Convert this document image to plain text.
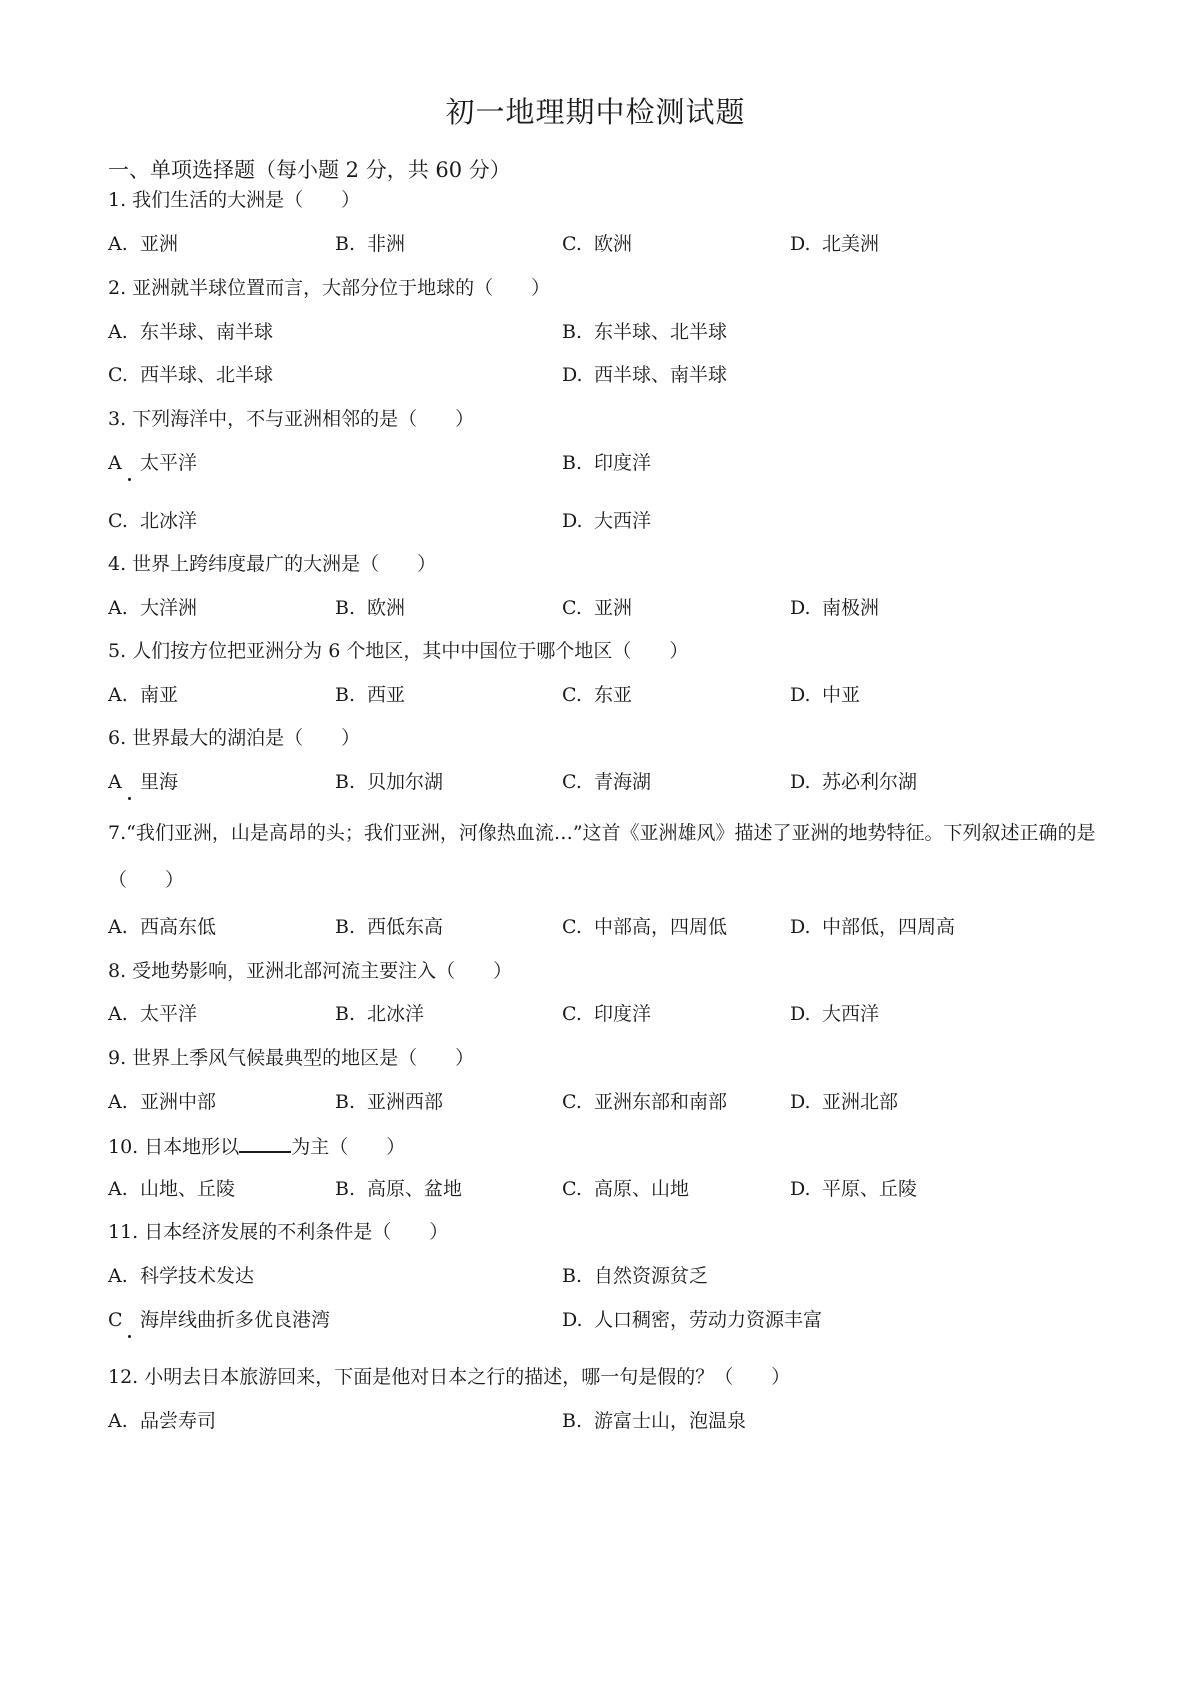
初一地理期中检测试题
一、单项选择题（每小题 2 分，共 60 分）
1. 我们生活的大洲是（　　）
A. 亚洲	B. 非洲	C. 欧洲	D. 北美洲
2. 亚洲就半球位置而言，大部分位于地球的（　　）
A. 东半球、南半球	B. 东半球、北半球
C. 西半球、北半球	D. 西半球、南半球
3. 下列海洋中，不与亚洲相邻的是（　　）
A 太平洋	B. 印度洋
C. 北冰洋	D. 大西洋
4. 世界上跨纬度最广的大洲是（　　）
A. 大洋洲	B. 欧洲	C. 亚洲	D. 南极洲
5. 人们按方位把亚洲分为 6 个地区，其中中国位于哪个地区（　　）
A. 南亚	B. 西亚	C. 东亚	D. 中亚
6. 世界最大的湖泊是（　　）
A 里海	B. 贝加尔湖	C. 青海湖	D. 苏必利尔湖
7.“我们亚洲，山是高昂的头；我们亚洲，河像热血流…”这首《亚洲雄风》描述了亚洲的地势特征。下列叙述正确的是（　　）
A. 西高东低	B. 西低东高	C. 中部高，四周低	D. 中部低，四周高
8. 受地势影响，亚洲北部河流主要注入（　　）
A. 太平洋	B. 北冰洋	C. 印度洋	D. 大西洋
9. 世界上季风气候最典型的地区是（　　）
A. 亚洲中部	B. 亚洲西部	C. 亚洲东部和南部	D. 亚洲北部
10. 日本地形以	为主（　　）
A. 山地、丘陵	B. 高原、盆地	C. 高原、山地	D. 平原、丘陵
11. 日本经济发展的不利条件是（　　）
A. 科学技术发达	B. 自然资源贫乏
C 海岸线曲折多优良港湾	D. 人口稠密，劳动力资源丰富
12. 小明去日本旅游回来，下面是他对日本之行的描述，哪一句是假的？（　　）
A. 品尝寿司	B. 游富士山，泡温泉
